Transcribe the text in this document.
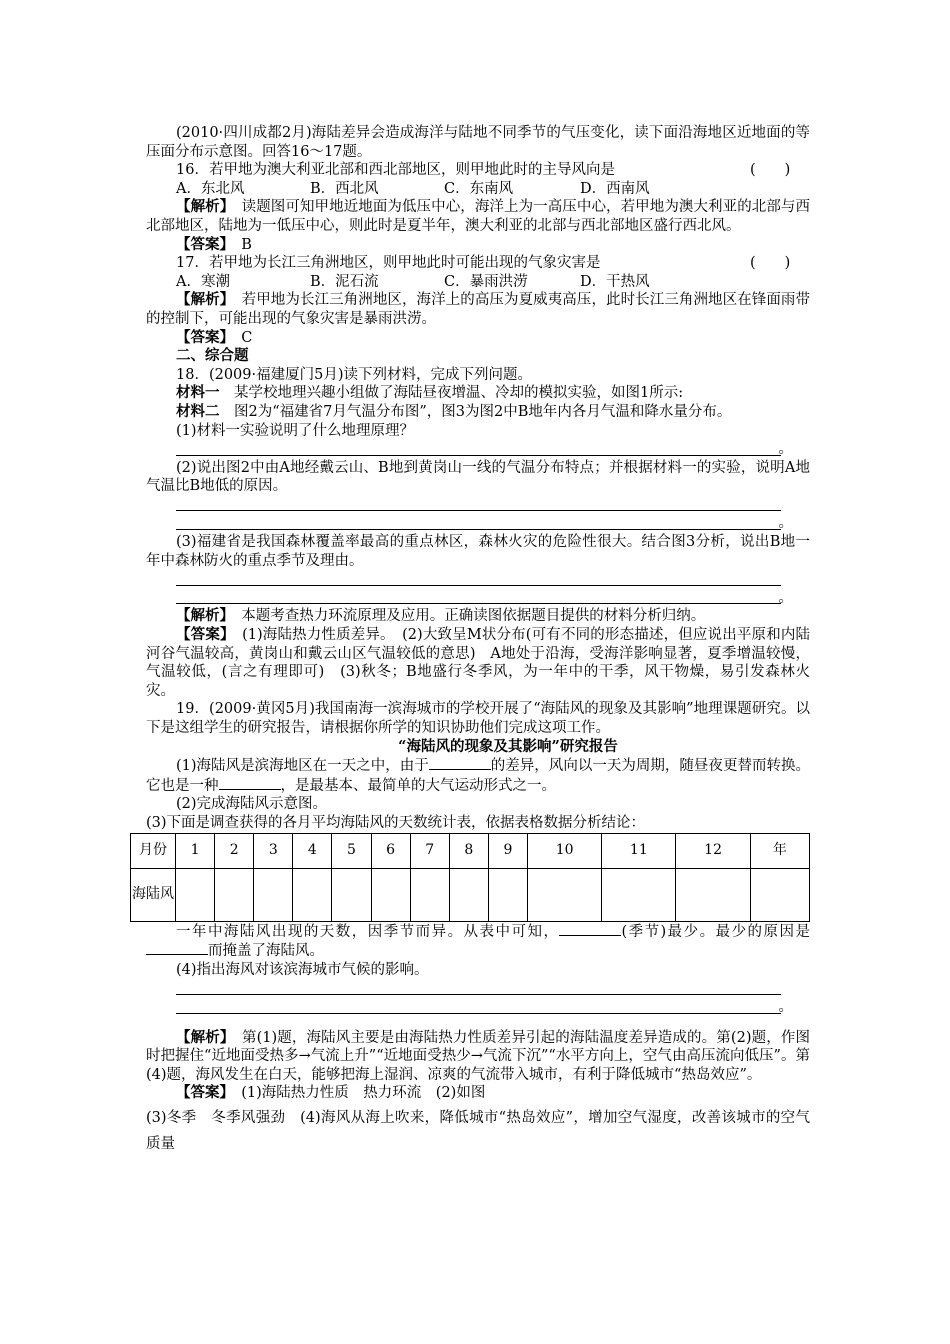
(2010·四川成都2月)海陆差异会造成海洋与陆地不同季节的气压变化，读下面沿海地区近地面的等压面分布示意图。回答16～17题。

16．若甲地为澳大利亚北部和西北部地区，则甲地此时的主导风向是	(　　)
A．东北风	B．西北风	C．东南风	D．西南风

【解析】　 读题图可知甲地近地面为低压中心，海洋上为一高压中心，若甲地为澳大利亚的北部与西北部地区，陆地为一低压中心，则此时是夏半年，澳大利亚的北部与西北部地区盛行西北风。

【答案】　 B

17．若甲地为长江三角洲地区，则甲地此时可能出现的气象灾害是	(　　)
A．寒潮	B．泥石流	C．暴雨洪涝	D．干热风

【解析】　 若甲地为长江三角洲地区，海洋上的高压为夏威夷高压，此时长江三角洲地区在锋面雨带的控制下，可能出现的气象灾害是暴雨洪涝。

【答案】　 C

二、综合题

18．(2009·福建厦门5月)读下列材料，完成下列问题。

材料一　 某学校地理兴趣小组做了海陆昼夜增温、冷却的模拟实验，如图1所示:

材料二　 图2为“福建省7月气温分布图”，图3为图2中B地年内各月气温和降水量分布。

(1)材料一实验说明了什么地理原理？

。

(2)说出图2中由A地经戴云山、B地到黄岗山一线的气温分布特点；并根据材料一的实验，说明A地气温比B地低的原因。

。

(3)福建省是我国森林覆盖率最高的重点林区，森林火灾的危险性很大。结合图3分析，说出B地一年中森林防火的重点季节及理由。

。

【解析】　 本题考查热力环流原理及应用。正确读图依据题目提供的材料分析归纳。

【答案】　 (1)海陆热力性质差异。　(2)大致呈M状分布(可有不同的形态描述，但应说出平原和内陆河谷气温较高，黄岗山和戴云山区气温较低的意思)　A地处于沿海，受海洋影响显著，夏季增温较慢，气温较低，(言之有理即可)　(3)秋冬；B地盛行冬季风，为一年中的干季，风干物燥，易引发森林火灾。

19．(2009·黄冈5月)我国南海一滨海城市的学校开展了“海陆风的现象及其影响”地理课题研究。以下是这组学生的研究报告，请根据你所学的知识协助他们完成这项工作。

“海陆风的现象及其影响”研究报告

(1)海陆风是滨海地区在一天之中，由于	的差异，风向以一天为周期，随昼夜更替而转换。它也是一种	，是最基本、最简单的大气运动形式之一。

(2)完成海陆风示意图。

(3)下面是调查获得的各月平均海陆风的天数统计表，依据表格数据分析结论：

月份	1	2	3	4	5	6	7	8	9	10	11	12	年
海陆风													

一年中海陆风出现的天数，因季节而异。从表中可知，	(季节)最少。最少的原因是而掩盖了海陆风。

(4)指出海风对该滨海城市气候的影响。

。

【解析】　 第(1)题，海陆风主要是由海陆热力性质差异引起的海陆温度差异造成的。第(2)题，作图时把握住“近地面受热多→气流上升”“近地面受热少→气流下沉”“水平方向上，空气由高压流向低压”。第(4)题，海风发生在白天，能够把海上湿润、凉爽的气流带入城市，有利于降低城市“热岛效应”。

【答案】　 (1)海陆热力性质　热力环流　(2)如图

(3)冬季　冬季风强劲　(4)海风从海上吹来，降低城市“热岛效应”，增加空气湿度，改善该城市的空气质量
